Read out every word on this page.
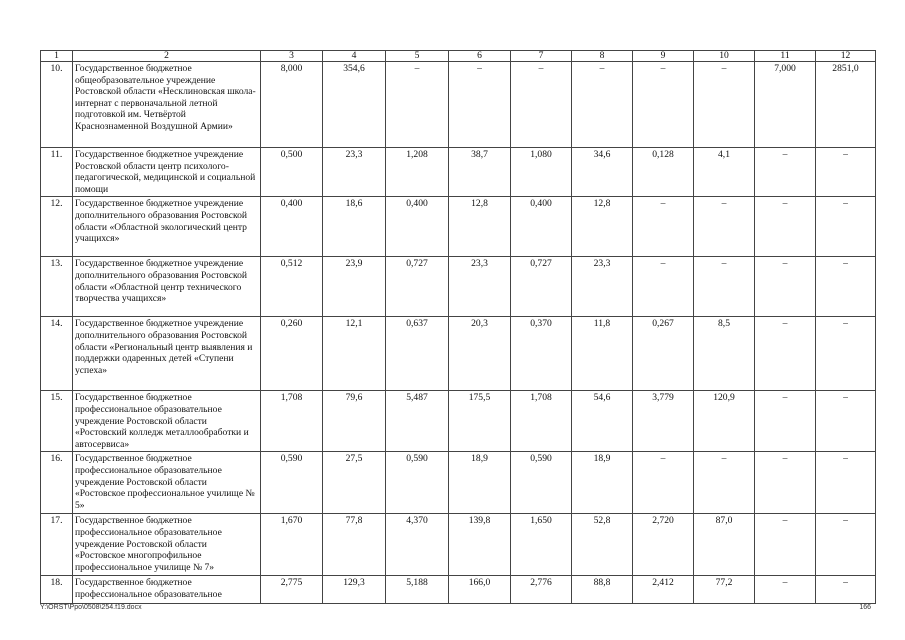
1	2	3	4	5	6	7	8	9	10	11	12
10.	Государственное бюджетное общеобразовательное учреждение Ростовской области «Несклиновская школа-интернат с первоначальной летной подготовкой им. Четвёртой Краснознаменной Воздушной Армии»	8,000	354,6	–	–	–	–	–	–	7,000	2851,0
11.	Государственное бюджетное учреждение Ростовской области центр психолого-педагогической, медицинской и социальной помощи	0,500	23,3	1,208	38,7	1,080	34,6	0,128	4,1	–	–
12.	Государственное бюджетное учреждение дополнительного образования Ростовской области «Областной экологический центр учащихся»	0,400	18,6	0,400	12,8	0,400	12,8	–	–	–	–
13.	Государственное бюджетное учреждение дополнительного образования Ростовской области «Областной центр технического творчества учащихся»	0,512	23,9	0,727	23,3	0,727	23,3	–	–	–	–
14.	Государственное бюджетное учреждение дополнительного образования Ростовской области «Региональный центр выявления и поддержки одаренных детей «Ступени успеха»	0,260	12,1	0,637	20,3	0,370	11,8	0,267	8,5	–	–
15.	Государственное бюджетное профессиональное образовательное учреждение Ростовской области «Ростовский колледж металлообработки и автосервиса»	1,708	79,6	5,487	175,5	1,708	54,6	3,779	120,9	–	–
16.	Государственное бюджетное профессиональное образовательное учреждение Ростовской области «Ростовское профессиональное училище № 5»	0,590	27,5	0,590	18,9	0,590	18,9	–	–	–	–
17.	Государственное бюджетное профессиональное образовательное учреждение Ростовской области «Ростовское многопрофильное профессиональное училище № 7»	1,670	77,8	4,370	139,8	1,650	52,8	2,720	87,0	–	–
18.	Государственное бюджетное профессиональное образовательное	2,775	129,3	5,188	166,0	2,776	88,8	2,412	77,2	–	–
Y:\ORST\Ppo\0508\254.f19.docx	166
